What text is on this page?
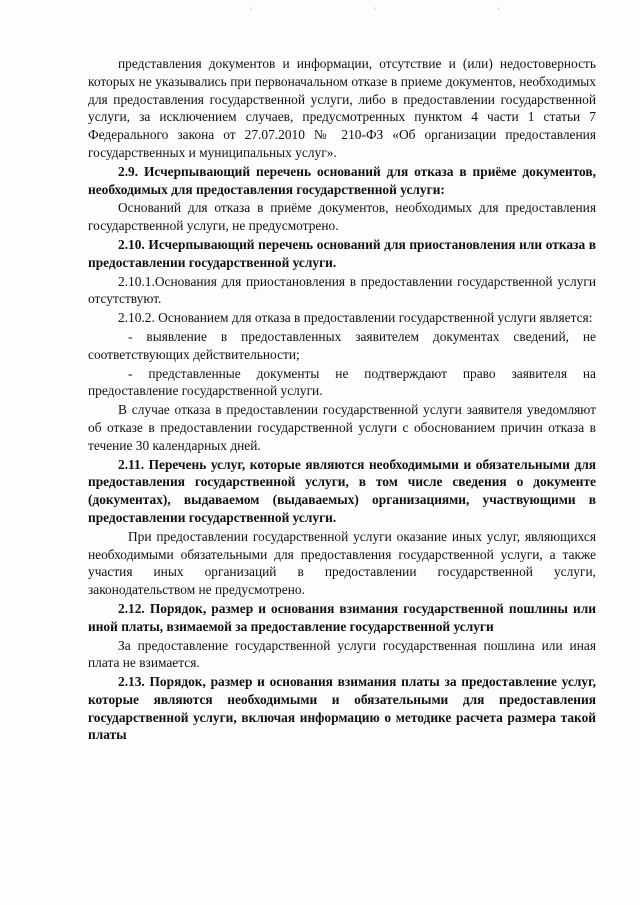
' ' '

представления документов и информации, отсутствие и (или) недостоверность которых не указывались при первоначальном отказе в приеме документов, необходимых для предоставления государственной услуги, либо в предоставлении государственной услуги, за исключением случаев, предусмотренных пунктом 4 части 1 статьи 7 Федерального закона от 27.07.2010 № 210-ФЗ «Об организации предоставления государственных и муниципальных услуг».

2.9. Исчерпывающий перечень оснований для отказа в приёме документов, необходимых для предоставления государственной услуги:

Оснований для отказа в приёме документов, необходимых для предоставления государственной услуги, не предусмотрено.

2.10. Исчерпывающий перечень оснований для приостановления или отказа в предоставлении государственной услуги.

2.10.1.Основания для приостановления в предоставлении государственной услуги отсутствуют.

2.10.2. Основанием для отказа в предоставлении государственной услуги является:

- выявление в предоставленных заявителем документах сведений, не соответствующих действительности;

- представленные документы не подтверждают право заявителя на предоставление государственной услуги.

В случае отказа в предоставлении государственной услуги заявителя уведомляют об отказе в предоставлении государственной услуги с обоснованием причин отказа в течение 30 календарных дней.

2.11. Перечень услуг, которые являются необходимыми и обязательными для предоставления государственной услуги, в том числе сведения о документе (документах), выдаваемом (выдаваемых) организациями, участвующими в предоставлении государственной услуги.

При предоставлении государственной услуги оказание иных услуг, являющихся необходимыми обязательными для предоставления государственной услуги, а также участия иных организаций в предоставлении государственной услуги, законодательством не предусмотрено.

2.12. Порядок, размер и основания взимания государственной пошлины или иной платы, взимаемой за предоставление государственной услуги

За предоставление государственной услуги государственная пошлина или иная плата не взимается.

2.13. Порядок, размер и основания взимания платы за предоставление услуг, которые являются необходимыми и обязательными для предоставления государственной услуги, включая информацию о методике расчета размера такой платы
